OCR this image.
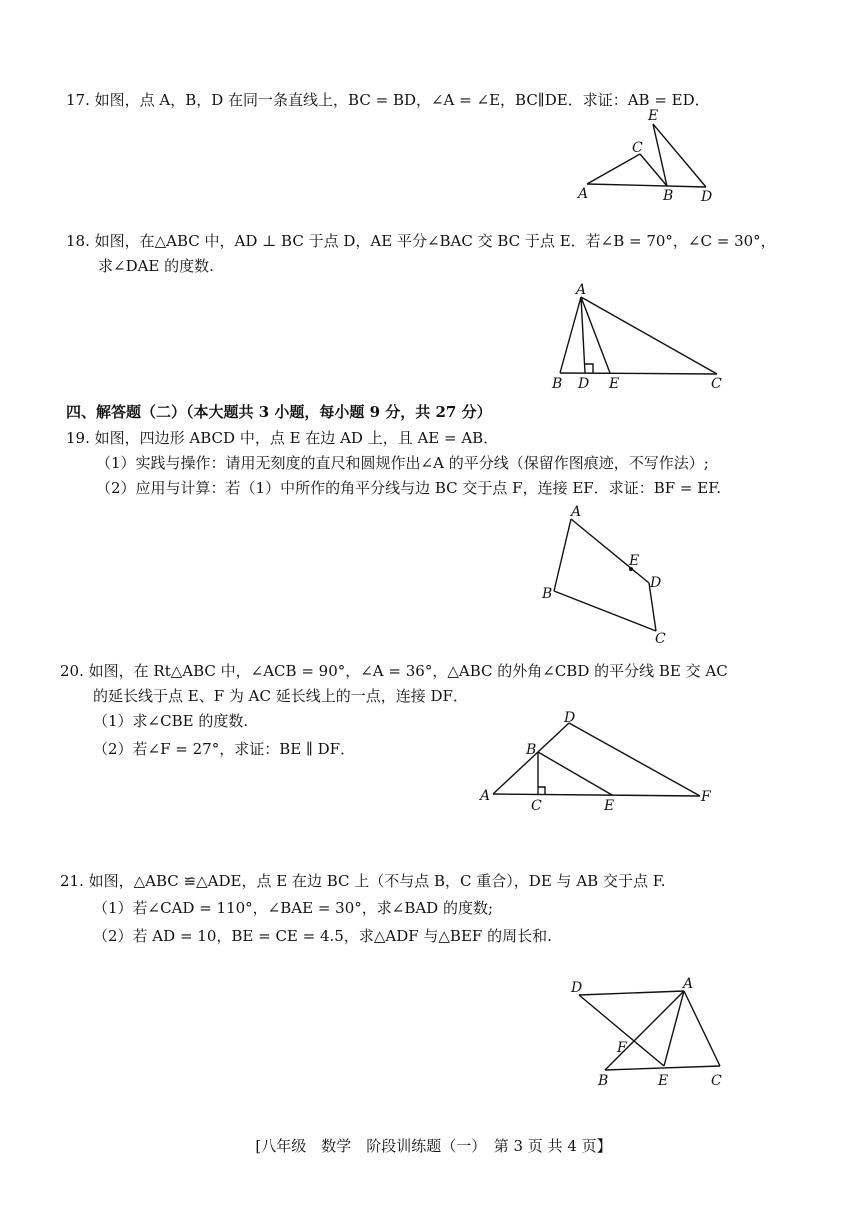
17. 如图，点 A，B，D 在同一条直线上，BC = BD，∠A = ∠E，BC∥DE．求证：AB = ED．
A	B
C
D
E
18. 如图，在△ABC 中，AD ⊥ BC 于点 D，AE 平分∠BAC 交 BC 于点 E．若∠B = 70°，∠C = 30°，
求∠DAE 的度数.
A
B D E	C
四、解答题（二）（本大题共 3 小题，每小题 9 分，共 27 分）
19. 如图，四边形 ABCD 中，点 E 在边 AD 上，且 AE = AB．
（1）实践与操作：请用无刻度的直尺和圆规作出∠A 的平分线（保留作图痕迹，不写作法）;
（2）应用与计算：若（1）中所作的角平分线与边 BC 交于点 F，连接 EF．求证：BF = EF.
A
B
C
D
E
20. 如图，在 Rt△ABC 中，∠ACB = 90°，∠A = 36°，△ABC 的外角∠CBD 的平分线 BE 交 AC
的延长线于点 E、F 为 AC 延长线上的一点，连接 DF．
（1）求∠CBE 的度数.
（2）若∠F = 27°，求证：BE ∥ DF．
A
B
C
D
E
F
21. 如图，△ABC ≌△ADE，点 E 在边 BC 上（不与点 B，C 重合），DE 与 AB 交于点 F.
（1）若∠CAD = 110°，∠BAE = 30°，求∠BAD 的度数;
（2）若 AD = 10，BE = CE = 4.5，求△ADF 与△BEF 的周长和.
D	A
F
B	E	C
[八年级　数学　阶段训练题（一）　第 3 页 共 4 页】
